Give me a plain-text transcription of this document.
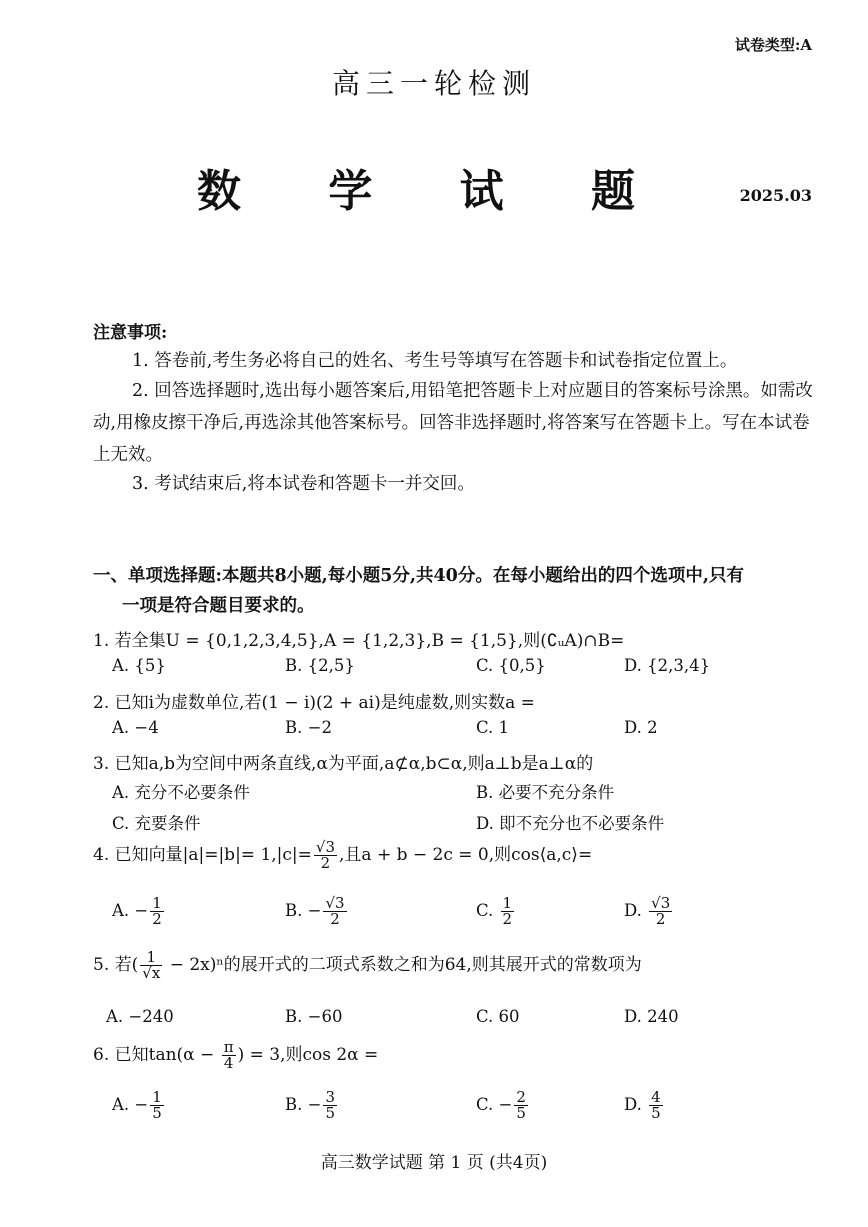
试卷类型:A
高三一轮检测
数 学 试 题	2025.03
注意事项:
1. 答卷前,考生务必将自己的姓名、考生号等填写在答题卡和试卷指定位置上。
2. 回答选择题时,选出每小题答案后,用铅笔把答题卡上对应题目的答案标号涂黑。如需改动,用橡皮擦干净后,再选涂其他答案标号。回答非选择题时,将答案写在答题卡上。写在本试卷上无效。
3. 考试结束后,将本试卷和答题卡一并交回。
一、单项选择题:本题共8小题,每小题5分,共40分。在每小题给出的四个选项中,只有
一项是符合题目要求的。
1. 若全集U = {0,1,2,3,4,5},A = {1,2,3},B = {1,5},则(∁ᵤA)∩B=
A. {5}	B. {2,5}	C. {0,5}	D. {2,3,4}
2. 已知i为虚数单位,若(1 − i)(2 + ai)是纯虚数,则实数a =
A. −4	B. −2	C. 1	D. 2
3. 已知a,b为空间中两条直线,α为平面,a⊄α,b⊂α,则a⊥b是a⊥α的
A. 充分不必要条件	B. 必要不充分条件
C. 充要条件	D. 即不充分也不必要条件
4. 已知向量$|a|=|b|= 1,|c|= \frac{√3}{2}$ ,且a + b − 2c = 0,则cos⟨a,c⟩=
A. − $\frac{1}{2}$	B. − $\frac{√3}{2}$	C. $\frac{1}{2}$	D. $\frac{√3}{2}$
5. 若( $\frac{1}{√x} - 2x)^n$的展开式的二项式系数之和为64,则其展开式的常数项为
A. −240	B. −60	C. 60	D. 240
6. 已知$\tan(\alpha - \frac{\pi}{4}$ ) = 3,则cos 2α =
A. − $\frac{1}{5}$	B. − $\frac{3}{5}$	C. − $\frac{2}{5}$	D. $\frac{4}{5}$
高三数学试题 第 1 页 (共4页)
